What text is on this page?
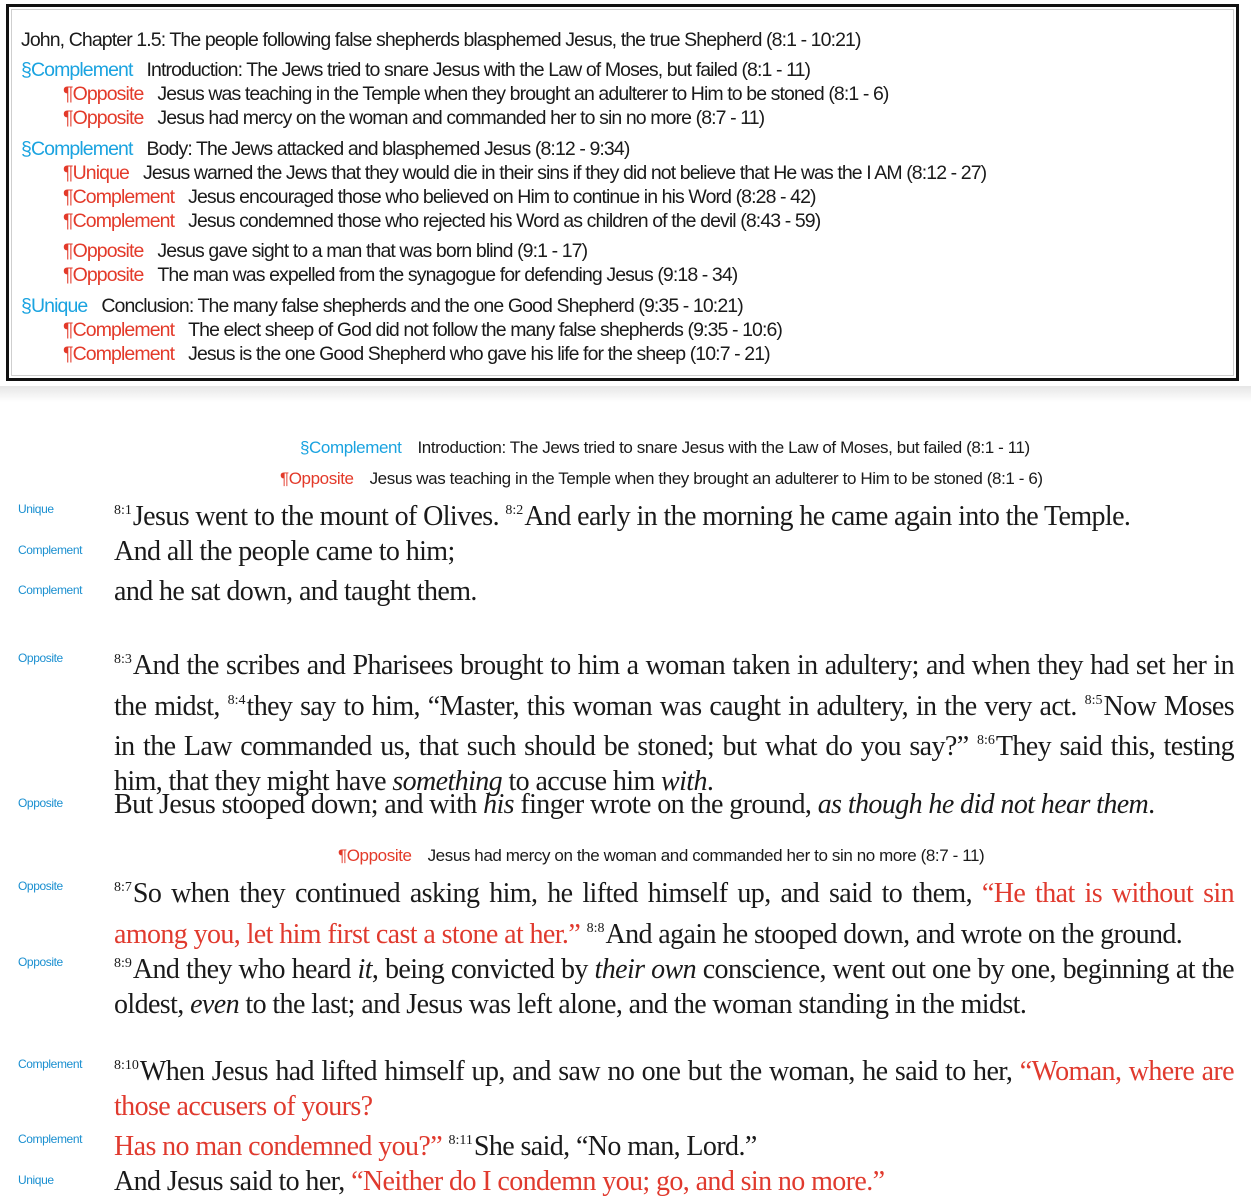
John, Chapter 1.5: The people following false shepherds blasphemed Jesus, the true Shepherd (8:1 - 10:21)
§Complement Introduction: The Jews tried to snare Jesus with the Law of Moses, but failed (8:1 - 11)
¶Opposite Jesus was teaching in the Temple when they brought an adulterer to Him to be stoned (8:1 - 6)
¶Opposite Jesus had mercy on the woman and commanded her to sin no more (8:7 - 11)
§Complement Body: The Jews attacked and blasphemed Jesus (8:12 - 9:34)
¶Unique Jesus warned the Jews that they would die in their sins if they did not believe that He was the I AM (8:12 - 27)
¶Complement Jesus encouraged those who believed on Him to continue in his Word (8:28 - 42)
¶Complement Jesus condemned those who rejected his Word as children of the devil (8:43 - 59)
¶Opposite Jesus gave sight to a man that was born blind (9:1 - 17)
¶Opposite The man was expelled from the synagogue for defending Jesus (9:18 - 34)
§Unique Conclusion: The many false shepherds and the one Good Shepherd (9:35 - 10:21)
¶Complement The elect sheep of God did not follow the many false shepherds (9:35 - 10:6)
¶Complement Jesus is the one Good Shepherd who gave his life for the sheep (10:7 - 21)
§Complement Introduction: The Jews tried to snare Jesus with the Law of Moses, but failed (8:1 - 11)
¶Opposite Jesus was teaching in the Temple when they brought an adulterer to Him to be stoned (8:1 - 6)
Unique	$^{8:1}$Jesus went to the mount of Olives. $^{8:2}$And early in the morning he came again into the Temple.
Complement And all the people came to him;
Complement and he sat down, and taught them.
Opposite	$^{8:3}$And the scribes and Pharisees brought to him a woman taken in adultery; and when they had set her in the midst, $^{8:4}$they say to him, “Master, this woman was caught in adultery, in the very act. $^{8:5}$Now Moses in the Law commanded us, that such should be stoned; but what do you say?” $^{8:6}$They said this, testing him, that they might have something to accuse him with.
Opposite But Jesus stooped down; and with his finger wrote on the ground, as though he did not hear them.
¶Opposite Jesus had mercy on the woman and commanded her to sin no more (8:7 - 11)
Opposite	$^{8:7}$So when they continued asking him, he lifted himself up, and said to them, “He that is without sin among you, let him first cast a stone at her.” $^{8:8}$And again he stooped down, and wrote on the ground.
Opposite	$^{8:9}$And they who heard it, being convicted by their own conscience, went out one by one, beginning at the oldest, even to the last; and Jesus was left alone, and the woman standing in the midst.
Complement $^{8:10}$When Jesus had lifted himself up, and saw no one but the woman, he said to her, “Woman, where are those accusers of yours?
Complement Has no man condemned you?” $^{8:11}$She said, “No man, Lord.”
Unique And Jesus said to her, “Neither do I condemn you; go, and sin no more.”
